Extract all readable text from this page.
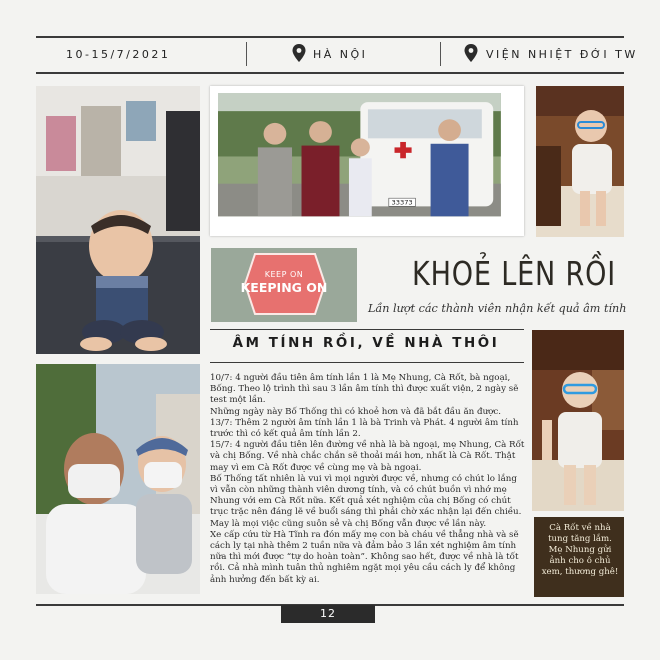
10-15/7/2021	HÀ NỘI	VIỆN NHIỆT ĐỚI TW
33373
KEEP ON
KEEPING ON	KHOẺ LÊN RỒI
Lần lượt các thành viên nhận kết quả âm tính
ÂM TÍNH RỒI, VỀ NHÀ THÔI

10/7: 4 người đầu tiên âm tính lần 1 là Mẹ Nhung, Cà Rốt, bà ngoại, Bống. Theo lộ trình thì sau 3 lần âm tính thì được xuất viện, 2 ngày sẽ test một lần.

Những ngày này Bố Thống thì có khoẻ hơn và đã bắt đầu ăn được.

13/7: Thêm 2 người âm tính lần 1 là bà Trinh và Phát. 4 người âm tính trước thì có kết quả âm tính lần 2.

15/7: 4 người đầu tiên lên đường về nhà là bà ngoại, mẹ Nhung, Cà Rốt và chị Bống. Về nhà chắc chắn sẽ thoải mái hơn, nhất là Cà Rốt. Thật may vì em Cà Rốt được về cùng mẹ và bà ngoại.

Bố Thống tất nhiên là vui vì mọi người được về, nhưng có chút lo lắng vì vẫn còn những thành viên dương tính, và có chút buồn vì nhớ mẹ Nhung với em Cà Rốt nữa. Kết quả xét nghiệm của chị Bống có chút trục trặc nên đáng lẽ về buổi sáng thì phải chờ xác nhận lại đến chiều. May là mọi việc cũng suôn sẻ và chị Bống vẫn được về lần này.

Xe cấp cứu từ Hà Tĩnh ra đón mấy mẹ con bà cháu về thẳng nhà và sẽ cách ly tại nhà thêm 2 tuần nữa và đảm bảo 3 lần xét nghiệm âm tính nữa thì mới được “tự do hoàn toàn”. Không sao hết, được về nhà là tốt rồi. Cả nhà mình tuân thủ nghiêm ngặt mọi yêu cầu cách ly để không ảnh hưởng đến bất kỳ ai.

Cà Rốt về nhà tung tăng lắm. Mẹ Nhung gửi ảnh cho ô chủ xem, thương ghê!
12
